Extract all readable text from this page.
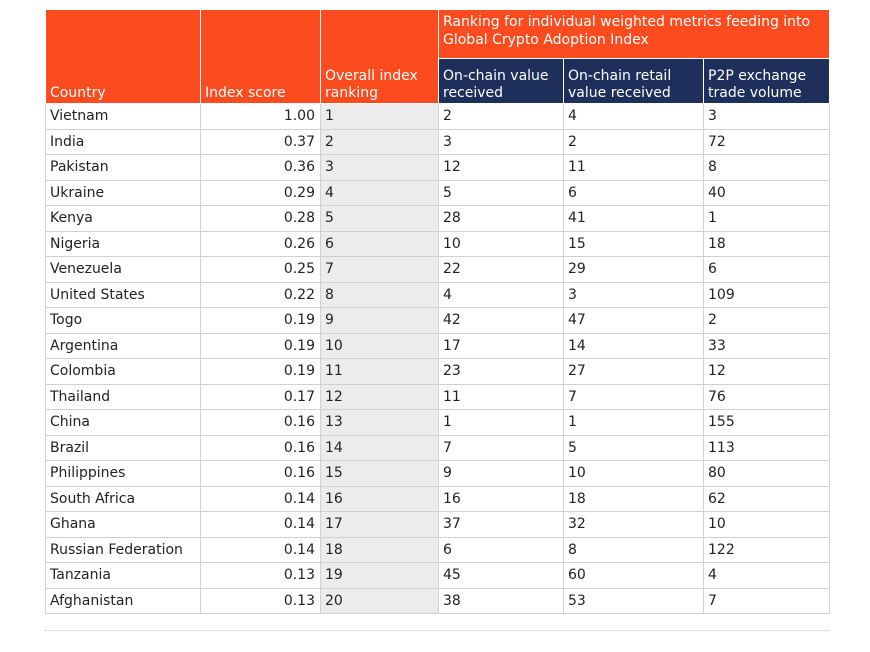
Country	Index score	Overall index ranking	Ranking for individual weighted metrics feeding into Global Crypto Adoption Index		
			On-chain value received	On-chain retail value received	P2P exchange trade volume
Vietnam	1.00	1	2	4	3
India	0.37	2	3	2	72
Pakistan	0.36	3	12	11	8
Ukraine	0.29	4	5	6	40
Kenya	0.28	5	28	41	1
Nigeria	0.26	6	10	15	18
Venezuela	0.25	7	22	29	6
United States	0.22	8	4	3	109
Togo	0.19	9	42	47	2
Argentina	0.19	10	17	14	33
Colombia	0.19	11	23	27	12
Thailand	0.17	12	11	7	76
China	0.16	13	1	1	155
Brazil	0.16	14	7	5	113
Philippines	0.16	15	9	10	80
South Africa	0.14	16	16	18	62
Ghana	0.14	17	37	32	10
Russian Federation	0.14	18	6	8	122
Tanzania	0.13	19	45	60	4
Afghanistan	0.13	20	38	53	7
